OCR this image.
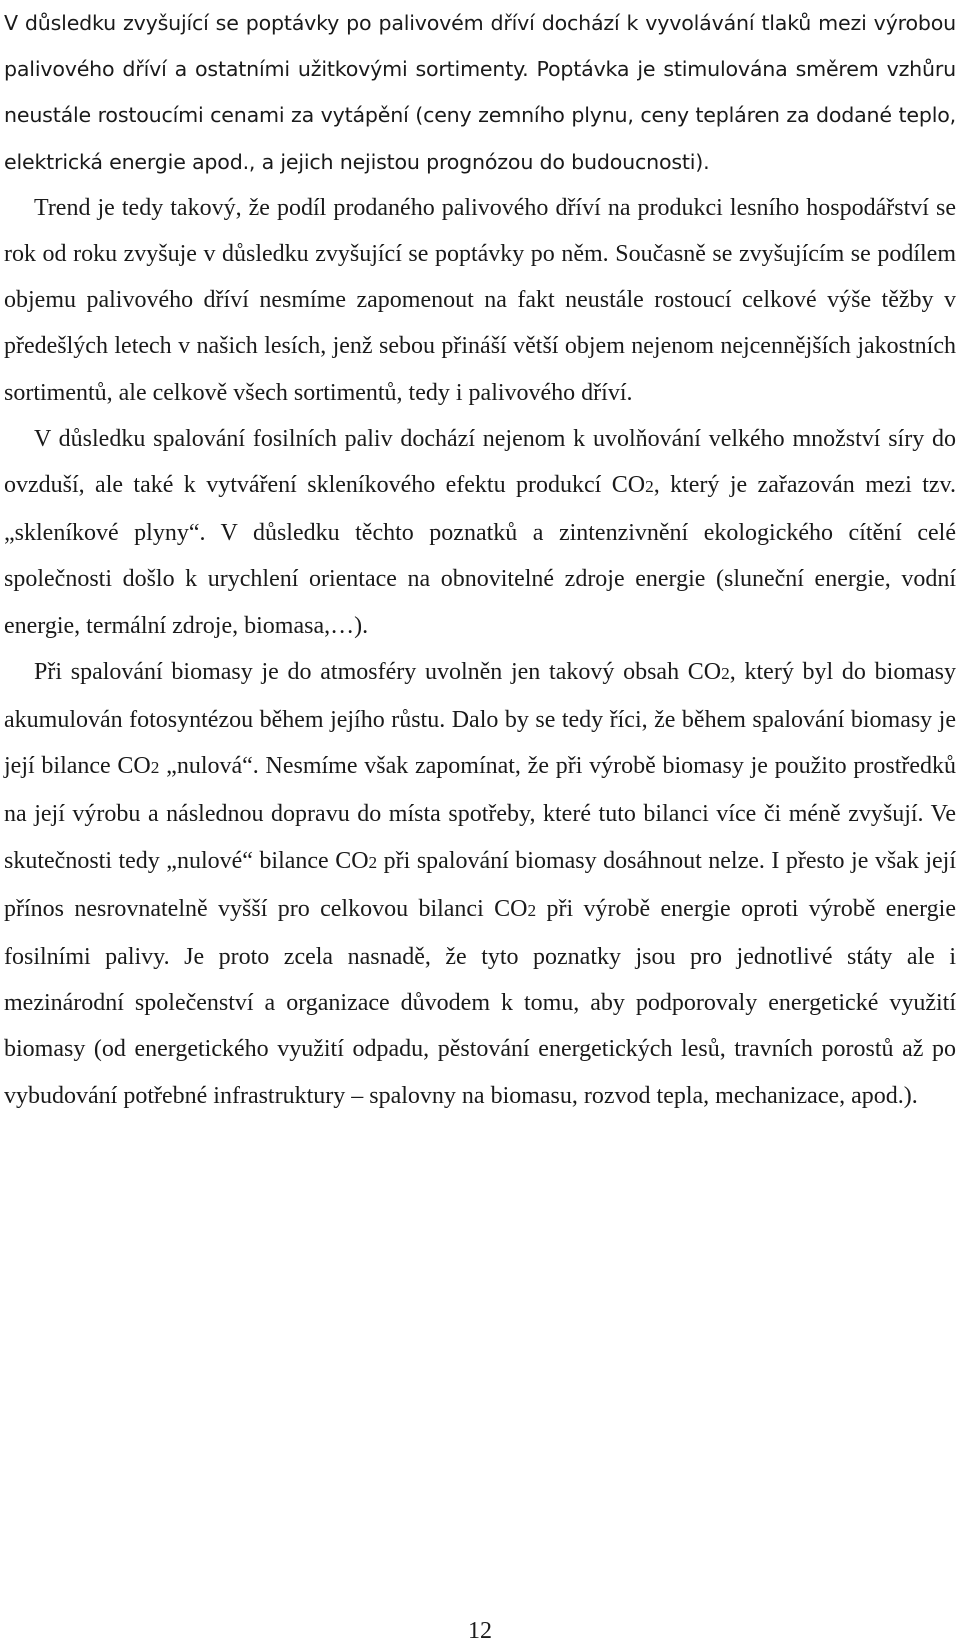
V důsledku zvyšující se poptávky po palivovém dříví dochází k vyvolávání tlaků mezi výrobou palivového dříví a ostatními užitkovými sortimenty. Poptávka je stimulována směrem vzhůru neustále rostoucími cenami za vytápění (ceny zemního plynu, ceny tepláren za dodané teplo, elektrická energie apod., a jejich nejistou prognózou do budoucnosti).

Trend je tedy takový, že podíl prodaného palivového dříví na produkci lesního hospodářství se rok od roku zvyšuje v důsledku zvyšující se poptávky po něm. Současně se zvyšujícím se podílem objemu palivového dříví nesmíme zapomenout na fakt neustále rostoucí celkové výše těžby v předešlých letech v našich lesích, jenž sebou přináší větší objem nejenom nejcennějších jakostních sortimentů, ale celkově všech sortimentů, tedy i palivového dříví.

V důsledku spalování fosilních paliv dochází nejenom k uvolňování velkého množství síry do ovzduší, ale také k vytváření skleníkového efektu produkcí CO2, který je zařazován mezi tzv. „skleníkové plyny“. V důsledku těchto poznatků a zintenzivnění ekologického cítění celé společnosti došlo k urychlení orientace na obnovitelné zdroje energie (sluneční energie, vodní energie, termální zdroje, biomasa,…).

Při spalování biomasy je do atmosféry uvolněn jen takový obsah CO2, který byl do biomasy akumulován fotosyntézou během jejího růstu. Dalo by se tedy říci, že během spalování biomasy je její bilance CO2 „nulová“. Nesmíme však zapomínat, že při výrobě biomasy je použito prostředků na její výrobu a následnou dopravu do místa spotřeby, které tuto bilanci více či méně zvyšují. Ve skutečnosti tedy „nulové“ bilance CO2 při spalování biomasy dosáhnout nelze. I přesto je však její přínos nesrovnatelně vyšší pro celkovou bilanci CO2 při výrobě energie oproti výrobě energie fosilními palivy. Je proto zcela nasnadě, že tyto poznatky jsou pro jednotlivé státy ale i mezinárodní společenství a organizace důvodem k tomu, aby podporovaly energetické využití biomasy (od energetického využití odpadu, pěstování energetických lesů, travních porostů až po vybudování potřebné infrastruktury – spalovny na biomasu, rozvod tepla, mechanizace, apod.).

12
